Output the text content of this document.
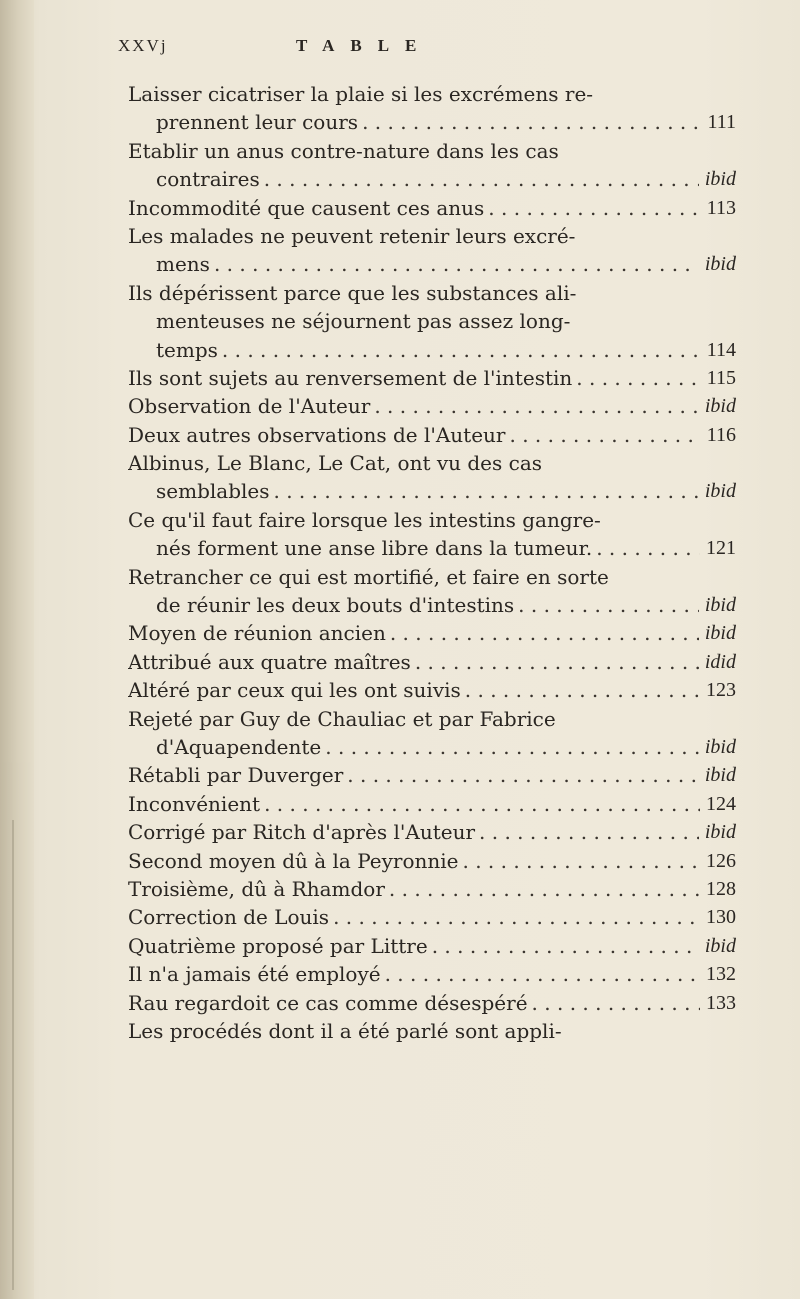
XXVj	TABLE
Laisser cicatriser la plaie si les excrémens re-
prennent leur cours . . .	111
Etablir un anus contre-nature dans les cas
contraires . . .	ibid
Incommodité que causent ces anus . . .	113
Les malades ne peuvent retenir leurs excré-
mens . . .	ibid
Ils dépérissent parce que les substances ali-
menteuses ne séjournent pas assez long-
temps . . .	114
Ils sont sujets au renversement de l'intestin . . .	115
Observation de l'Auteur . . .	ibid
Deux autres observations de l'Auteur . . .	116
Albinus, Le Blanc, Le Cat, ont vu des cas
semblables . . .	ibid
Ce qu'il faut faire lorsque les intestins gangre-
nés forment une anse libre dans la tumeur. . . .	121
Retrancher ce qui est mortifié, et faire en sorte
de réunir les deux bouts d'intestins . . .	ibid
Moyen de réunion ancien . . .	ibid
Attribué aux quatre maîtres . . .	idid
Altéré par ceux qui les ont suivis . . .	123
Rejeté par Guy de Chauliac et par Fabrice
d'Aquapendente . . .	ibid
Rétabli par Duverger . . .	ibid
Inconvénient . . .	124
Corrigé par Ritch d'après l'Auteur . . .	ibid
Second moyen dû à la Peyronnie . . .	126
Troisième, dû à Rhamdor . . .	128
Correction de Louis . . .	130
Quatrième proposé par Littre . . .	ibid
Il n'a jamais été employé . . .	132
Rau regardoit ce cas comme désespéré . . .	133
Les procédés dont il a été parlé sont appli-
